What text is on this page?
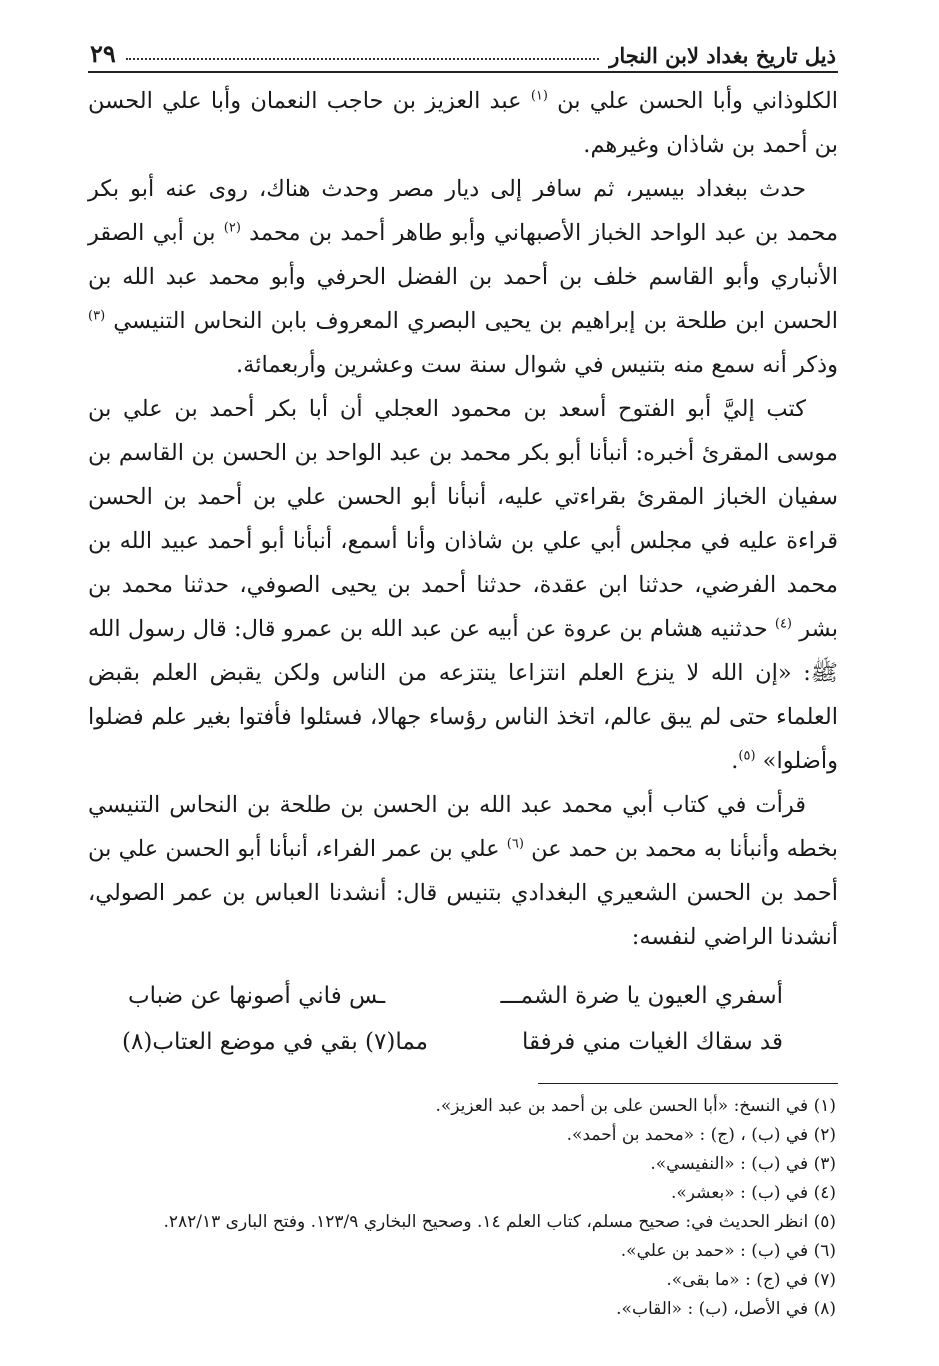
ذيل تاريخ بغداد لابن النجار
٢٩

الكلوذاني وأبا الحسن علي بن $^{(١)}$ عبد العزيز بن حاجب النعمان وأبا علي الحسن بن أحمد بن شاذان وغيرهم.

حدث ببغداد بيسير، ثم سافر إلى ديار مصر وحدث هناك، روى عنه أبو بكر محمد بن عبد الواحد الخباز الأصبهاني وأبو طاهر أحمد بن محمد $^{(٢)}$ بن أبي الصقر الأنباري وأبو القاسم خلف بن أحمد بن الفضل الحرفي وأبو محمد عبد الله بن الحسن ابن طلحة بن إبراهيم بن يحيى البصري المعروف بابن النحاس التنيسي $^{(٣)}$ وذكر أنه سمع منه بتنيس في شوال سنة ست وعشرين وأربعمائة.

كتب إليَّ أبو الفتوح أسعد بن محمود العجلي أن أبا بكر أحمد بن علي بن موسى المقرئ أخبره: أنبأنا أبو بكر محمد بن عبد الواحد بن الحسن بن القاسم بن سفيان الخباز المقرئ بقراءتي عليه، أنبأنا أبو الحسن علي بن أحمد بن الحسن قراءة عليه في مجلس أبي علي بن شاذان وأنا أسمع، أنبأنا أبو أحمد عبيد الله بن محمد الفرضي، حدثنا ابن عقدة، حدثنا أحمد بن يحيى الصوفي، حدثنا محمد بن بشر $^{(٤)}$ حدثنيه هشام بن عروة عن أبيه عن عبد الله بن عمرو قال: قال رسول الله ﷺ: «إن الله لا ينزع العلم انتزاعا ينتزعه من الناس ولكن يقبض العلم بقبض العلماء حتى لم يبق عالم، اتخذ الناس رؤساء جهالا، فسئلوا فأفتوا بغير علم فضلوا وأضلوا» $^{(٥)}$.

قرأت في كتاب أبي محمد عبد الله بن الحسن بن طلحة بن النحاس التنيسي بخطه وأنبأنا به محمد بن حمد عن $^{(٦)}$ علي بن عمر الفراء، أنبأنا أبو الحسن علي بن أحمد بن الحسن الشعيري البغدادي بتنيس قال: أنشدنا العباس بن عمر الصولي، أنشدنا الراضي لنفسه:

أسفري العيون يا ضرة الشمـــ
ـس فاني أصونها عن ضباب
قد سقاك الغيات مني فرفقا
مما(٧) بقي في موضع العتاب(٨)
(١) في النسخ: «أبا الحسن على بن أحمد بن عبد العزيز».
(٢) في (ب) ، (ج) : «محمد بن أحمد».
(٣) في (ب) : «النفيسي».
(٤) في (ب) : «بعشر».
(٥) انظر الحديث في: صحيح مسلم، كتاب العلم ١٤. وصحيح البخاري ١٢٣/٩. وفتح البارى ٢٨٢/١٣.
(٦) في (ب) : «حمد بن علي».
(٧) في (ج) : «ما بقى».
(٨) في الأصل، (ب) : «القاب».
